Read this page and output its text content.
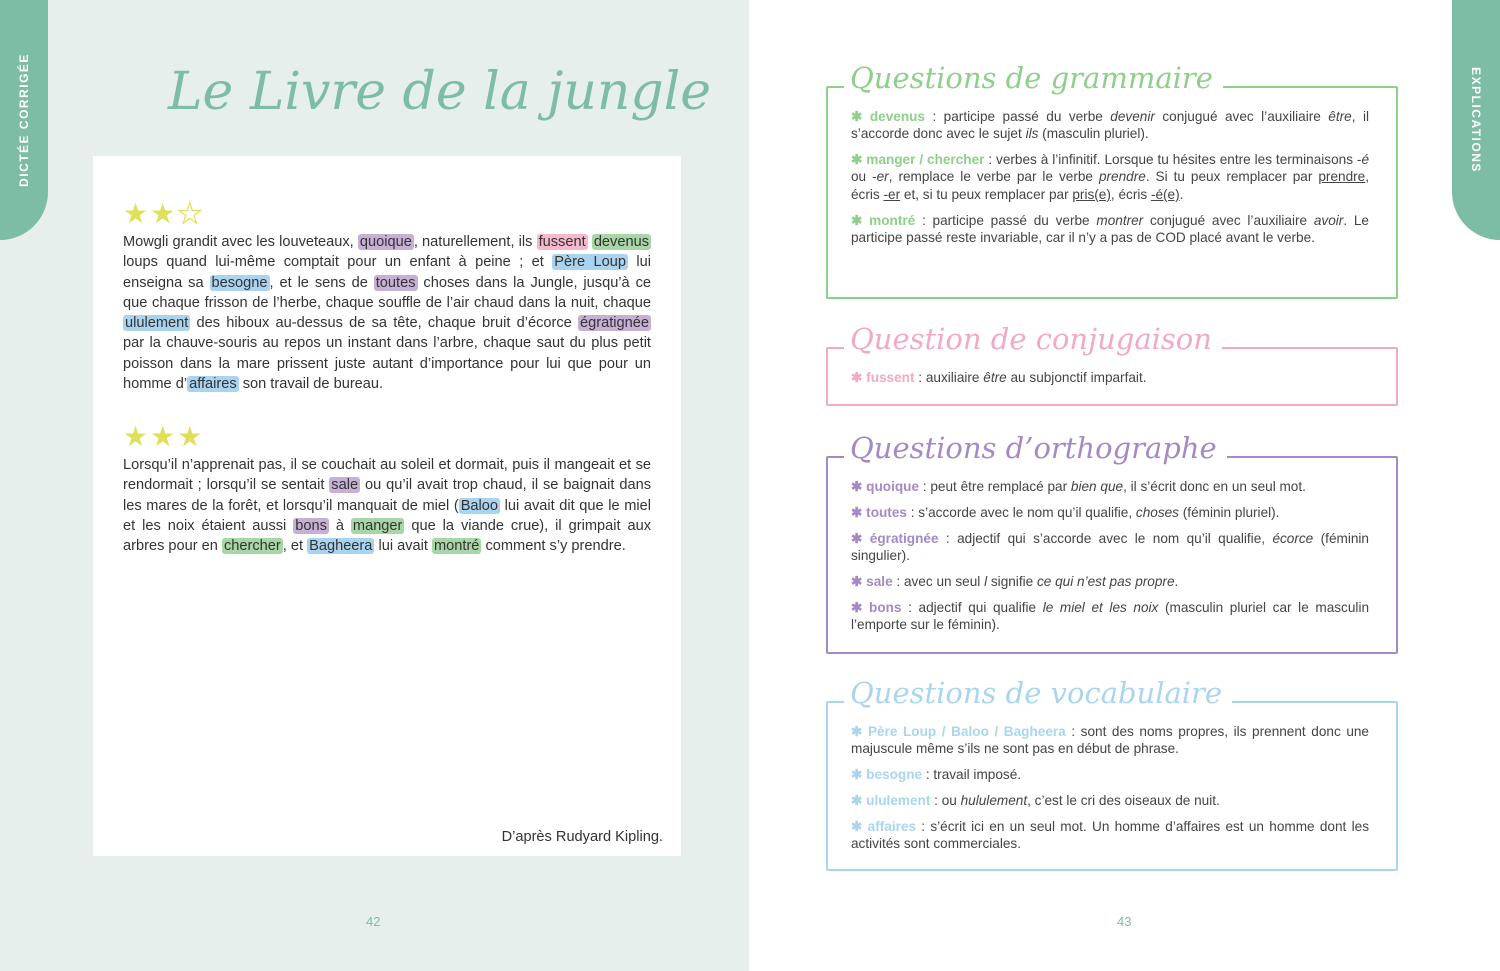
DICTÉE CORRIGÉE	Le Livre de la jungle
★★★

Mowgli grandit avec les louveteaux, quoique , naturellement, ils fussent devenus loups quand lui-même comptait pour un enfant à peine ; et Père Loup lui enseigna sa besogne , et le sens de toutes choses dans la Jungle, jusqu’à ce que chaque frisson de l’herbe, chaque souffle de l’air chaud dans la nuit, chaque ululement des hiboux au-dessus de sa tête, chaque bruit d’écorce égratignée par la chauve-souris au repos un instant dans l’arbre, chaque saut du plus petit poisson dans la mare prissent juste autant d’importance pour lui que pour un homme d’ affaires son travail de bureau.

★★★

Lorsqu’il n’apprenait pas, il se couchait au soleil et dormait, puis il mangeait et se rendormait ; lorsqu’il se sentait sale ou qu’il avait trop chaud, il se baignait dans les mares de la forêt, et lorsqu’il manquait de miel ( Baloo lui avait dit que le miel et les noix étaient aussi bons à manger que la viande crue), il grimpait aux arbres pour en chercher , et Bagheera lui avait montré comment s’y prendre.

D’après Rudyard Kipling.

42
EXPLICATIONS
43
Questions de grammaire
✱ devenus : participe passé du verbe devenir conjugué avec l’auxiliaire être, il s’accorde donc avec le sujet ils (masculin pluriel).
✱ manger / chercher : verbes à l’infinitif. Lorsque tu hésites entre les terminaisons -é ou -er, remplace le verbe par le verbe prendre. Si tu peux remplacer par prendre, écris -er et, si tu peux remplacer par pris(e), écris -é(e).
✱ montré : participe passé du verbe montrer conjugué avec l’auxiliaire avoir. Le participe passé reste invariable, car il n’y a pas de COD placé avant le verbe.
Question de conjugaison
✱ fussent : auxiliaire être au subjonctif imparfait.
Questions d’orthographe
✱ quoique : peut être remplacé par bien que, il s’écrit donc en un seul mot.
✱ toutes : s’accorde avec le nom qu’il qualifie, choses (féminin pluriel).
✱ égratignée : adjectif qui s’accorde avec le nom qu’il qualifie, écorce (féminin singulier).
✱ sale : avec un seul l signifie ce qui n’est pas propre.
✱ bons : adjectif qui qualifie le miel et les noix (masculin pluriel car le masculin l’emporte sur le féminin).
Questions de vocabulaire
✱ Père Loup / Baloo / Bagheera : sont des noms propres, ils prennent donc une majuscule même s’ils ne sont pas en début de phrase.
✱ besogne : travail imposé.
✱ ululement : ou hululement, c’est le cri des oiseaux de nuit.
✱ affaires : s’écrit ici en un seul mot. Un homme d’affaires est un homme dont les activités sont commerciales.
